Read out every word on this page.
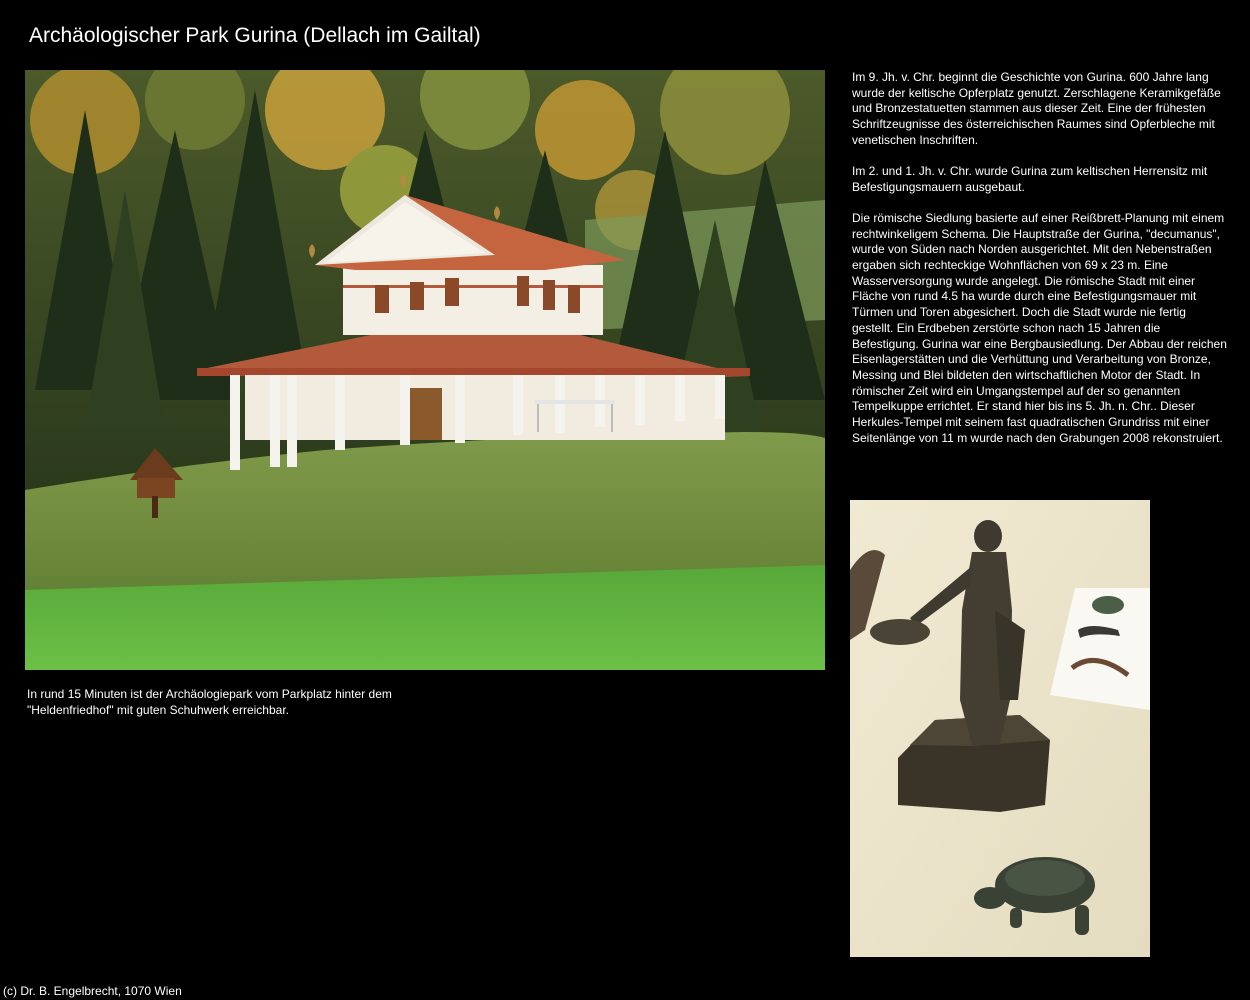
Archäologischer Park Gurina (Dellach im Gailtal)
In rund 15 Minuten ist der Archäologiepark vom Parkplatz hinter dem "Heldenfriedhof" mit guten Schuhwerk erreichbar.

Im 9. Jh. v. Chr. beginnt die Geschichte von Gurina. 600 Jahre lang wurde der keltische Opferplatz genutzt. Zerschlagene Keramikgefäße und Bronzestatuetten stammen aus dieser Zeit. Eine der frühesten Schriftzeugnisse des österreichischen Raumes sind Opferbleche mit venetischen Inschriften.

Im 2. und 1. Jh. v. Chr. wurde Gurina zum keltischen Herrensitz mit Befestigungsmauern ausgebaut.

Die römische Siedlung basierte auf einer Reißbrett-Planung mit einem rechtwinkeligem Schema. Die Hauptstraße der Gurina, "decumanus", wurde von Süden nach Norden ausgerichtet. Mit den Nebenstraßen ergaben sich rechteckige Wohnflächen von 69 x 23 m. Eine Wasserversorgung wurde angelegt. Die römische Stadt mit einer Fläche von rund 4.5 ha wurde durch eine Befestigungsmauer mit Türmen und Toren abgesichert. Doch die Stadt wurde nie fertig gestellt. Ein Erdbeben zerstörte schon nach 15 Jahren die Befestigung. Gurina war eine Bergbausiedlung. Der Abbau der reichen Eisenlagerstätten und die Verhüttung und Verarbeitung von Bronze, Messing und Blei bildeten den wirtschaftlichen Motor der Stadt. In römischer Zeit wird ein Umgangstempel auf der so genannten Tempelkuppe errichtet. Er stand hier bis ins 5. Jh. n. Chr.. Dieser Herkules-Tempel mit seinem fast quadratischen Grundriss mit einer Seitenlänge von 11 m wurde nach den Grabungen 2008 rekonstruiert.

(c) Dr. B. Engelbrecht, 1070 Wien
